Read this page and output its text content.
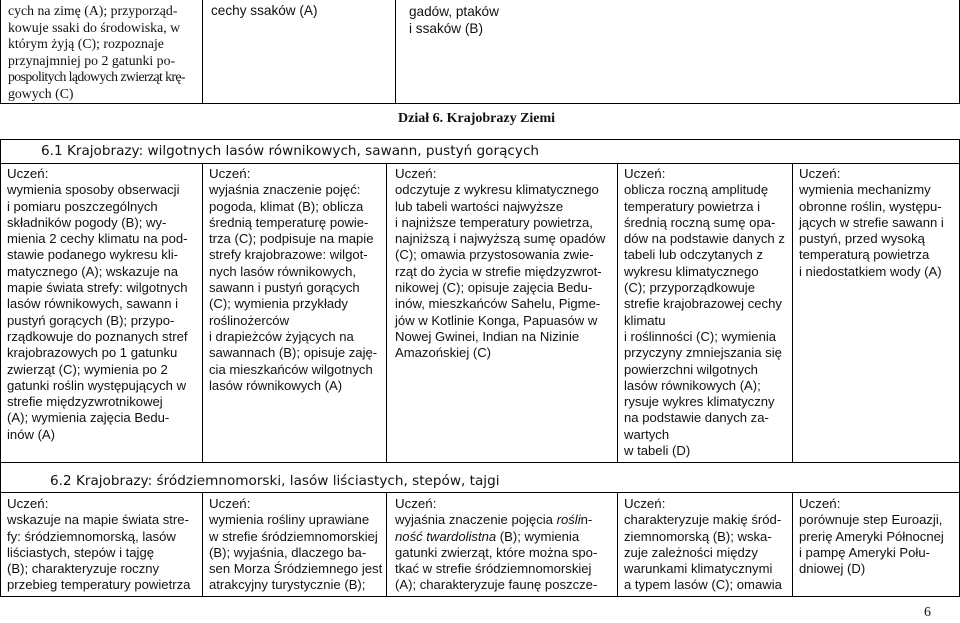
cych na zimę (A); przyporząd-
kowuje ssaki do środowiska, w
którym żyją (C); rozpoznaje
przynajmniej po 2 gatunki po-
pospolitych lądowych zwierząt krę-
gowych (C)
cechy ssaków (A)	gadów, ptaków
i ssaków (B)
Dział 6. Krajobrazy Ziemi
6.1 Krajobrazy: wilgotnych lasów równikowych, sawann, pustyń gorących
Uczeń:
wymienia sposoby obserwacji
i pomiaru poszczególnych
składników pogody (B); wy-
mienia 2 cechy klimatu na pod-
stawie podanego wykresu kli-
matycznego (A); wskazuje na
mapie świata strefy: wilgotnych
lasów równikowych, sawann i
pustyń gorących (B); przypo-
rządkowuje do poznanych stref
krajobrazowych po 1 gatunku
zwierząt (C); wymienia po 2
gatunki roślin występujących w
strefie międzyzwrotnikowej
(A); wymienia zajęcia Bedu-
inów (A)
Uczeń:
wyjaśnia znaczenie pojęć:
pogoda, klimat (B); oblicza
średnią temperaturę powie-
trza (C); podpisuje na mapie
strefy krajobrazowe: wilgot-
nych lasów równikowych,
sawann i pustyń gorących
(C); wymienia przykłady
roślinożerców
i drapieżców żyjących na
sawannach (B); opisuje zaję-
cia mieszkańców wilgotnych
lasów równikowych (A)
Uczeń:
odczytuje z wykresu klimatycznego
lub tabeli wartości najwyższe
i najniższe temperatury powietrza,
najniższą i najwyższą sumę opadów
(C); omawia przystosowania zwie-
rząt do życia w strefie międzyzwrot-
nikowej (C); opisuje zajęcia Bedu-
inów, mieszkańców Sahelu, Pigme-
jów w Kotlinie Konga, Papuasów w
Nowej Gwinei, Indian na Nizinie
Amazońskiej (C)
Uczeń:
oblicza roczną amplitudę
temperatury powietrza i
średnią roczną sumę opa-
dów na podstawie danych z
tabeli lub odczytanych z
wykresu klimatycznego
(C); przyporządkowuje
strefie krajobrazowej cechy
klimatu
i roślinności (C); wymienia
przyczyny zmniejszania się
powierzchni wilgotnych
lasów równikowych (A);
rysuje wykres klimatyczny
na podstawie danych za-
wartych
w tabeli (D)
Uczeń:
wymienia mechanizmy
obronne roślin, występu-
jących w strefie sawann i
pustyń, przed wysoką
temperaturą powietrza
i niedostatkiem wody (A)
6.2 Krajobrazy: śródziemnomorski, lasów liściastych, stepów, tajgi
Uczeń:
wskazuje na mapie świata stre-
fy: śródziemnomorską, lasów
liściastych, stepów i tajgę
(B); charakteryzuje roczny
przebieg temperatury powietrza
Uczeń:
wymienia rośliny uprawiane
w strefie śródziemnomorskiej
(B); wyjaśnia, dlaczego ba-
sen Morza Śródziemnego jest
atrakcyjny turystycznie (B);
Uczeń:
wyjaśnia znaczenie pojęcia roślin-
ność twardolistna (B); wymienia
gatunki zwierząt, które można spo-
tkać w strefie śródziemnomorskiej
(A); charakteryzuje faunę poszcze-
Uczeń:
charakteryzuje makię śród-
ziemnomorską (B); wska-
zuje zależności między
warunkami klimatycznymi
a typem lasów (C); omawia
Uczeń:
porównuje step Euroazji,
prerię Ameryki Północnej
i pampę Ameryki Połu-
dniowej (D)
6
